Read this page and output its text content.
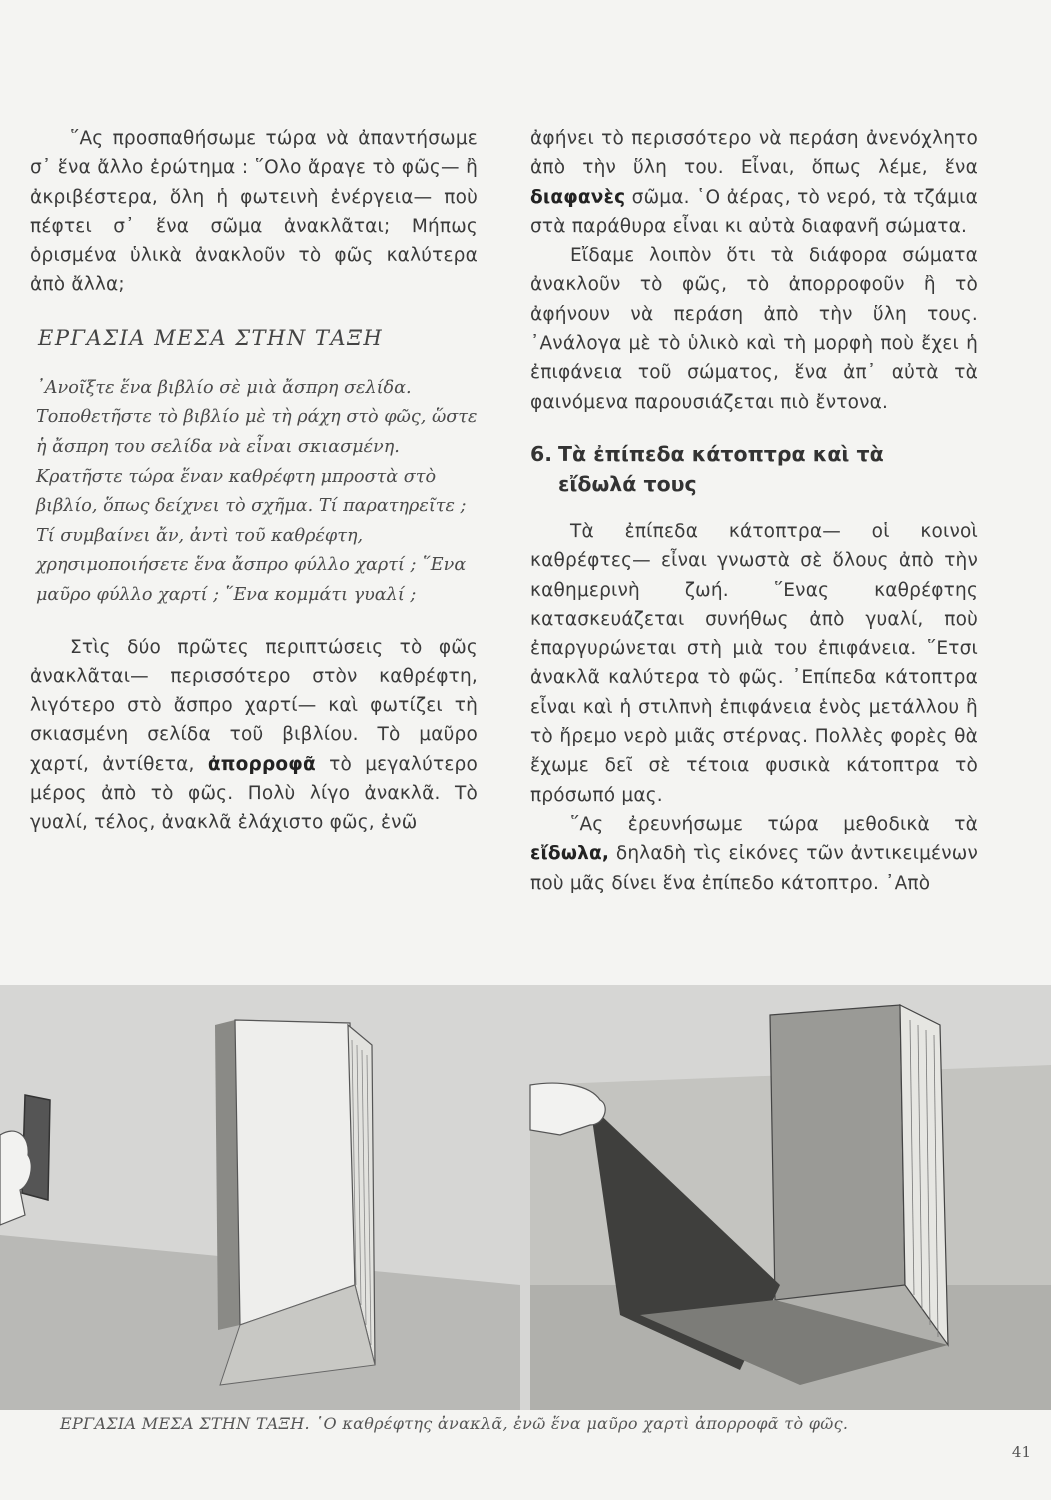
῞Ας προσπαθήσωμε τώρα νὰ ἀπαντήσωμε σ᾿ ἕνα ἄλλο ἐρώτημα : ῞Ολο ἄραγε τὸ φῶς— ἢ ἀκριβέστερα, ὅλη ἡ φωτεινὴ ἐνέργεια— ποὺ πέφτει σ᾿ ἕνα σῶμα ἀνακλᾶται; Μήπως ὁρισμένα ὑλικὰ ἀνακλοῦν τὸ φῶς καλύτερα ἀπὸ ἄλλα;

ΕΡΓΑΣΙΑ ΜΕΣΑ ΣΤΗΝ ΤΑΞΗ

᾿Ανοῖξτε ἕνα βιβλίο σὲ μιὰ ἄσπρη σελίδα. Τοποθετῆστε τὸ βιβλίο μὲ τὴ ράχη στὸ φῶς, ὥστε ἡ ἄσπρη του σελίδα νὰ εἶναι σκιασμένη. Κρατῆστε τώρα ἕναν καθρέφτη μπροστὰ στὸ βιβλίο, ὅπως δείχνει τὸ σχῆμα. Τί παρατηρεῖτε ; Τί συμβαίνει ἄν, ἀντὶ τοῦ καθρέφτη, χρησιμοποιήσετε ἕνα ἄσπρο φύλλο χαρτί ; ῞Ενα μαῦρο φύλλο χαρτί ; ῞Ενα κομμάτι γυαλί ;

Στὶς δύο πρῶτες περιπτώσεις τὸ φῶς ἀνακλᾶται— περισσότερο στὸν καθρέφτη, λιγότερο στὸ ἄσπρο χαρτί— καὶ φωτίζει τὴ σκιασμένη σελίδα τοῦ βιβλίου. Τὸ μαῦρο χαρτί, ἀντίθετα, ἀπορροφᾶ τὸ μεγαλύτερο μέρος ἀπὸ τὸ φῶς. Πολὺ λίγο ἀνακλᾶ. Τὸ γυαλί, τέλος, ἀνακλᾶ ἐλάχιστο φῶς, ἐνῶ

ἀφήνει τὸ περισσότερο νὰ περάση ἀνενόχλητο ἀπὸ τὴν ὕλη του. Εἶναι, ὅπως λέμε, ἕνα διαφανὲς σῶμα. ῾Ο ἀέρας, τὸ νερό, τὰ τζάμια στὰ παράθυρα εἶναι κι αὐτὰ διαφανῆ σώματα.

Εἴδαμε λοιπὸν ὅτι τὰ διάφορα σώματα ἀνακλοῦν τὸ φῶς, τὸ ἀπορροφοῦν ἢ τὸ ἀφήνουν νὰ περάση ἀπὸ τὴν ὕλη τους. ᾿Ανάλογα μὲ τὸ ὑλικὸ καὶ τὴ μορφὴ ποὺ ἔχει ἡ ἐπιφάνεια τοῦ σώματος, ἕνα ἀπ᾿ αὐτὰ τὰ φαινόμενα παρουσιάζεται πιὸ ἔντονα.

6. Τὰ ἐπίπεδα κάτοπτρα καὶ τὰ
εἴδωλά τους

Τὰ ἐπίπεδα κάτοπτρα— οἱ κοινοὶ καθρέφτες— εἶναι γνωστὰ σὲ ὅλους ἀπὸ τὴν καθημερινὴ ζωή. ῞Ενας καθρέφτης κατασκευάζεται συνήθως ἀπὸ γυαλί, ποὺ ἐπαργυρώνεται στὴ μιὰ του ἐπιφάνεια. ῞Ετσι ἀνακλᾶ καλύτερα τὸ φῶς. ᾿Επίπεδα κάτοπτρα εἶναι καὶ ἡ στιλπνὴ ἐπιφάνεια ἑνὸς μετάλλου ἢ τὸ ἤρεμο νερὸ μιᾶς στέρνας. Πολλὲς φορὲς θὰ ἔχωμε δεῖ σὲ τέτοια φυσικὰ κάτοπτρα τὸ πρόσωπό μας.

῞Ας ἐρευνήσωμε τώρα μεθοδικὰ τὰ εἴδωλα, δηλαδὴ τὶς εἰκόνες τῶν ἀντικειμένων ποὺ μᾶς δίνει ἕνα ἐπίπεδο κάτοπτρο. ᾿Απὸ

ΕΡΓΑΣΙΑ ΜΕΣΑ ΣΤΗΝ ΤΑΞΗ. ῾Ο καθρέφτης ἀνακλᾶ, ἐνῶ ἕνα μαῦρο χαρτὶ ἀπορροφᾶ τὸ φῶς.
41
